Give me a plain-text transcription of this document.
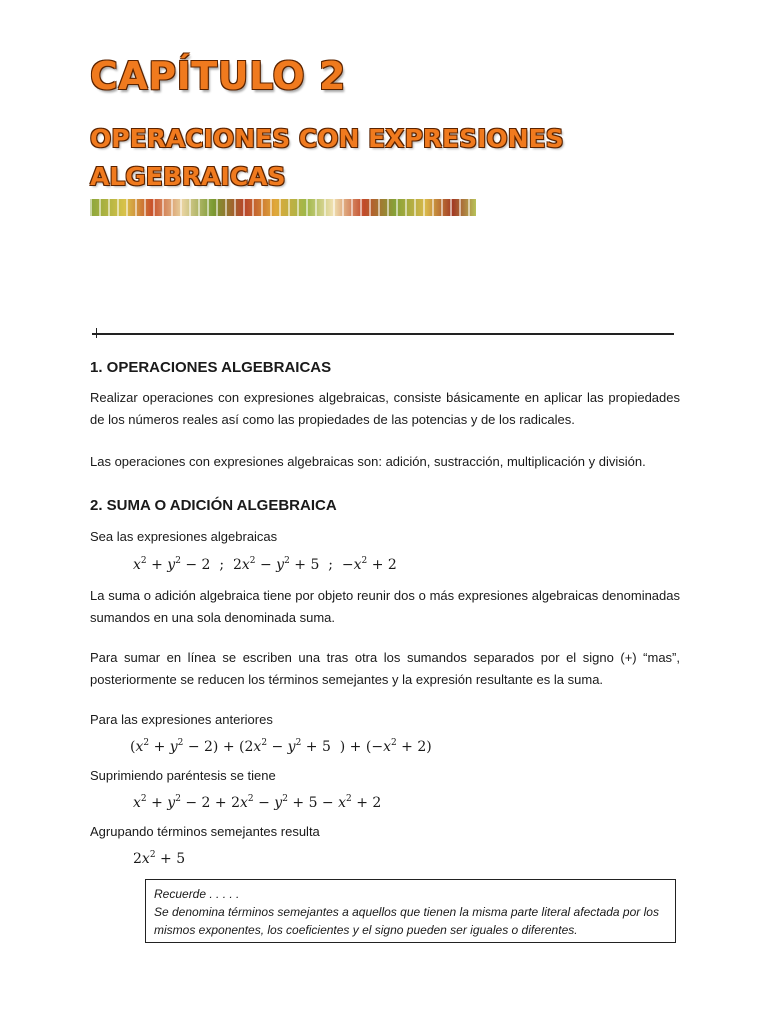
CAPÍTULO 2
OPERACIONES CON EXPRESIONES
ALGEBRAICAS
1. OPERACIONES ALGEBRAICAS

Realizar operaciones con expresiones algebraicas, consiste básicamente en aplicar las propiedades de los números reales así como las propiedades de las potencias y de los radicales.

Las operaciones con expresiones algebraicas son: adición, sustracción, multiplicación y división.

2. SUMA O ADICIÓN ALGEBRAICA

Sea las expresiones algebraicas

$x^2 + y^2 - 2$  ;  $2x^2 - y^2 + 5$  ;  $-x^2 + 2$

La suma o adición algebraica tiene por objeto reunir dos o más expresiones algebraicas denominadas sumandos en una sola denominada suma.

Para sumar en línea se escriben una tras otra los sumandos separados por el signo (+) “mas”, posteriormente se reducen los términos semejantes y la expresión resultante es la suma.

Para las expresiones anteriores

$(x^2 + y^2 - 2) + (2x^2 - y^2 + 5$  ) + $(-x^2 + 2)$

Suprimiendo paréntesis se tiene

$x^2 + y^2 - 2 + 2x^2 - y^2 + 5 - x^2 + 2$

Agrupando términos semejantes resulta

$2x^2 + 5$
Recuerde . . . . .
Se denomina términos semejantes a aquellos que tienen la misma parte literal afectada por los mismos exponentes, los coeficientes y el signo pueden ser iguales o diferentes.
